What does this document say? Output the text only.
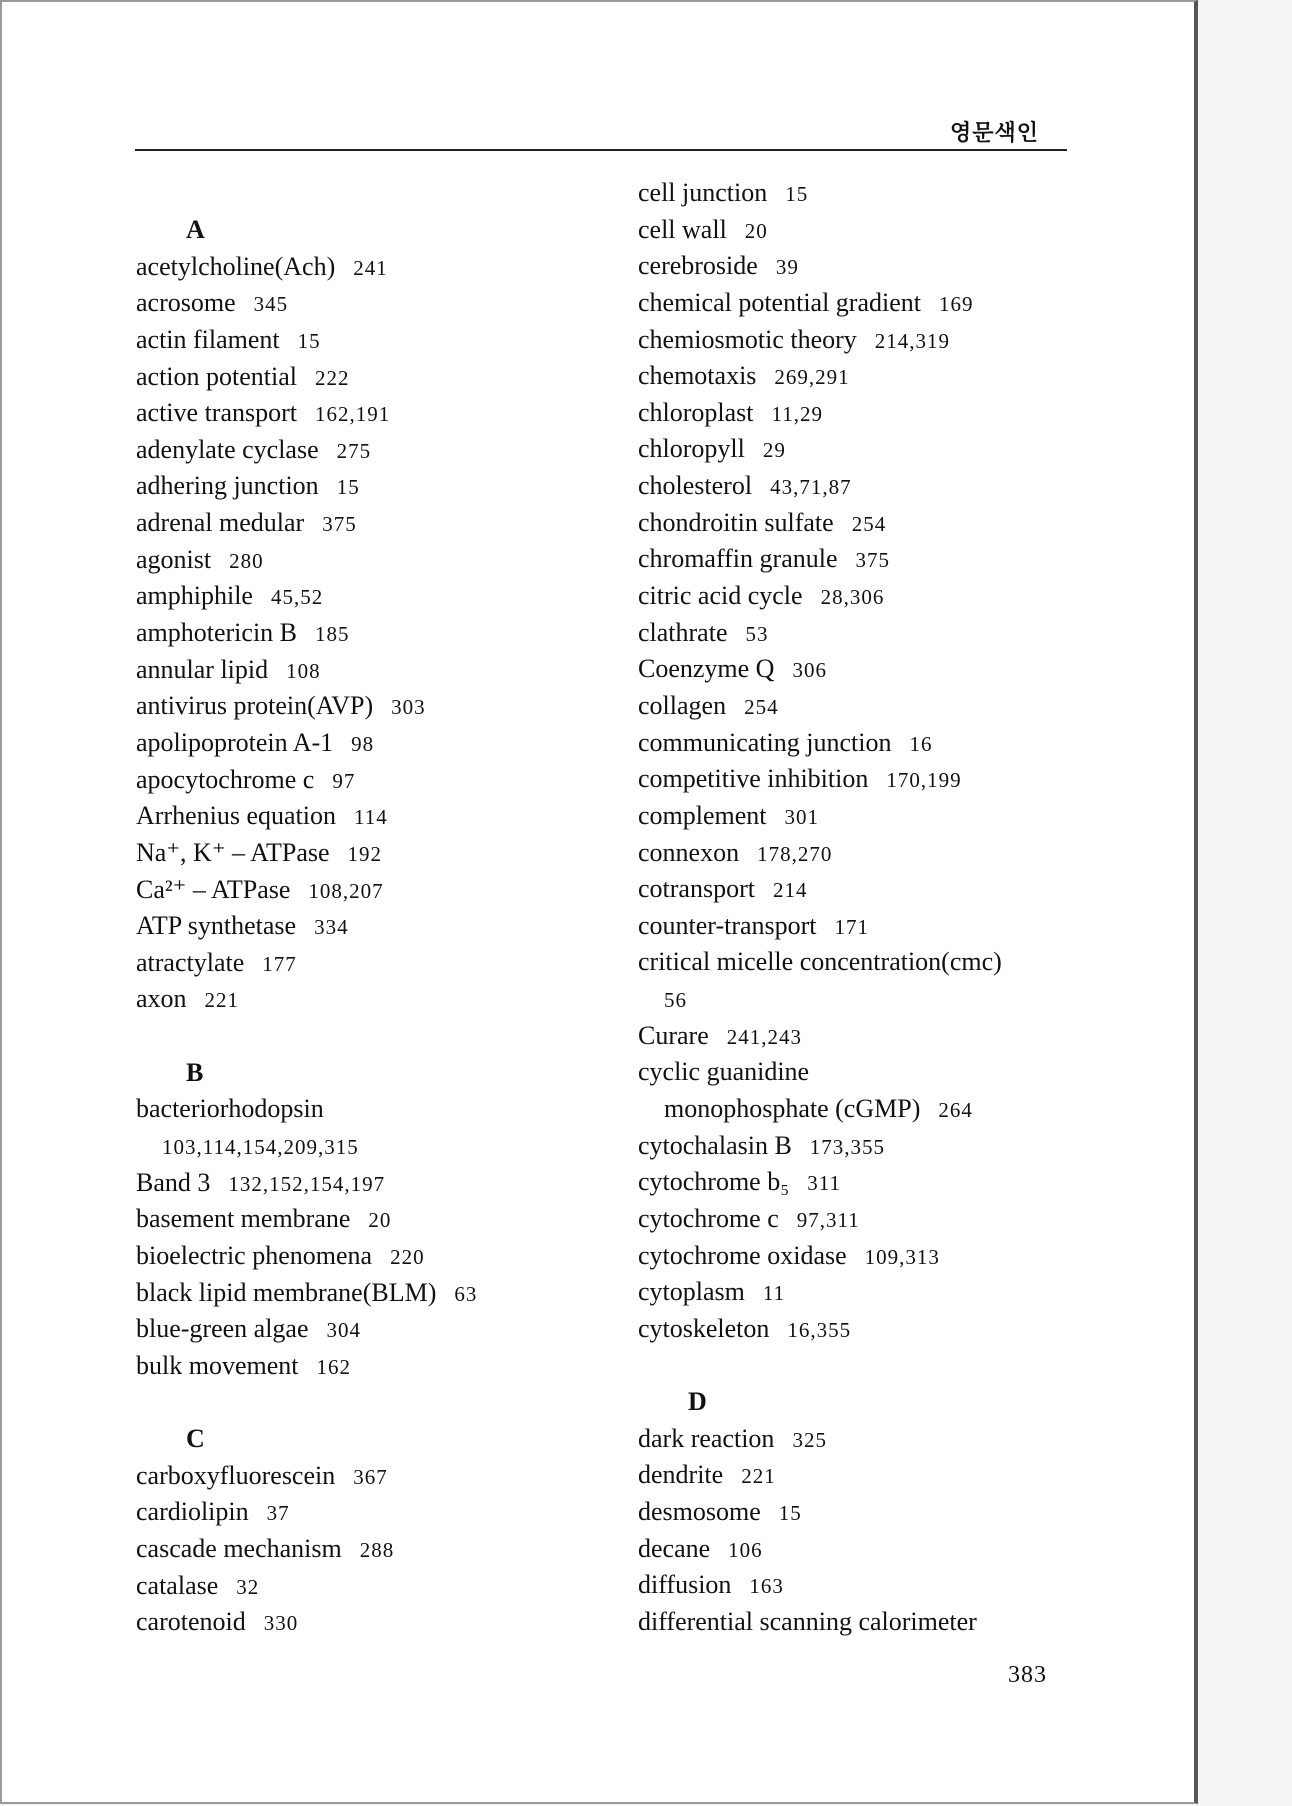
영문색인
A
acetylcholine(Ach) 241
acrosome 345
actin filament 15
action potential 222
active transport 162,191
adenylate cyclase 275
adhering junction 15
adrenal medular 375
agonist 280
amphiphile 45,52
amphotericin B 185
annular lipid 108
antivirus protein(AVP) 303
apolipoprotein A-1 98
apocytochrome c 97
Arrhenius equation 114
Na⁺, K⁺ – ATPase 192
Ca²⁺ – ATPase 108,207
ATP synthetase 334
atractylate 177
axon 221
B
bacteriorhodopsin
103,114,154,209,315
Band 3 132,152,154,197
basement membrane 20
bioelectric phenomena 220
black lipid membrane(BLM) 63
blue-green algae 304
bulk movement 162
C
carboxyfluorescein 367
cardiolipin 37
cascade mechanism 288
catalase 32
carotenoid 330
cell junction 15
cell wall 20
cerebroside 39
chemical potential gradient 169
chemiosmotic theory 214,319
chemotaxis 269,291
chloroplast 11,29
chloropyll 29
cholesterol 43,71,87
chondroitin sulfate 254
chromaffin granule 375
citric acid cycle 28,306
clathrate 53
Coenzyme Q 306
collagen 254
communicating junction 16
competitive inhibition 170,199
complement 301
connexon 178,270
cotransport 214
counter-transport 171
critical micelle concentration(cmc)
56
Curare 241,243
cyclic guanidine
monophosphate (cGMP) 264
cytochalasin B 173,355
cytochrome b₅ 311
cytochrome c 97,311
cytochrome oxidase 109,313
cytoplasm 11
cytoskeleton 16,355
D
dark reaction 325
dendrite 221
desmosome 15
decane 106
diffusion 163
differential scanning calorimeter
383
